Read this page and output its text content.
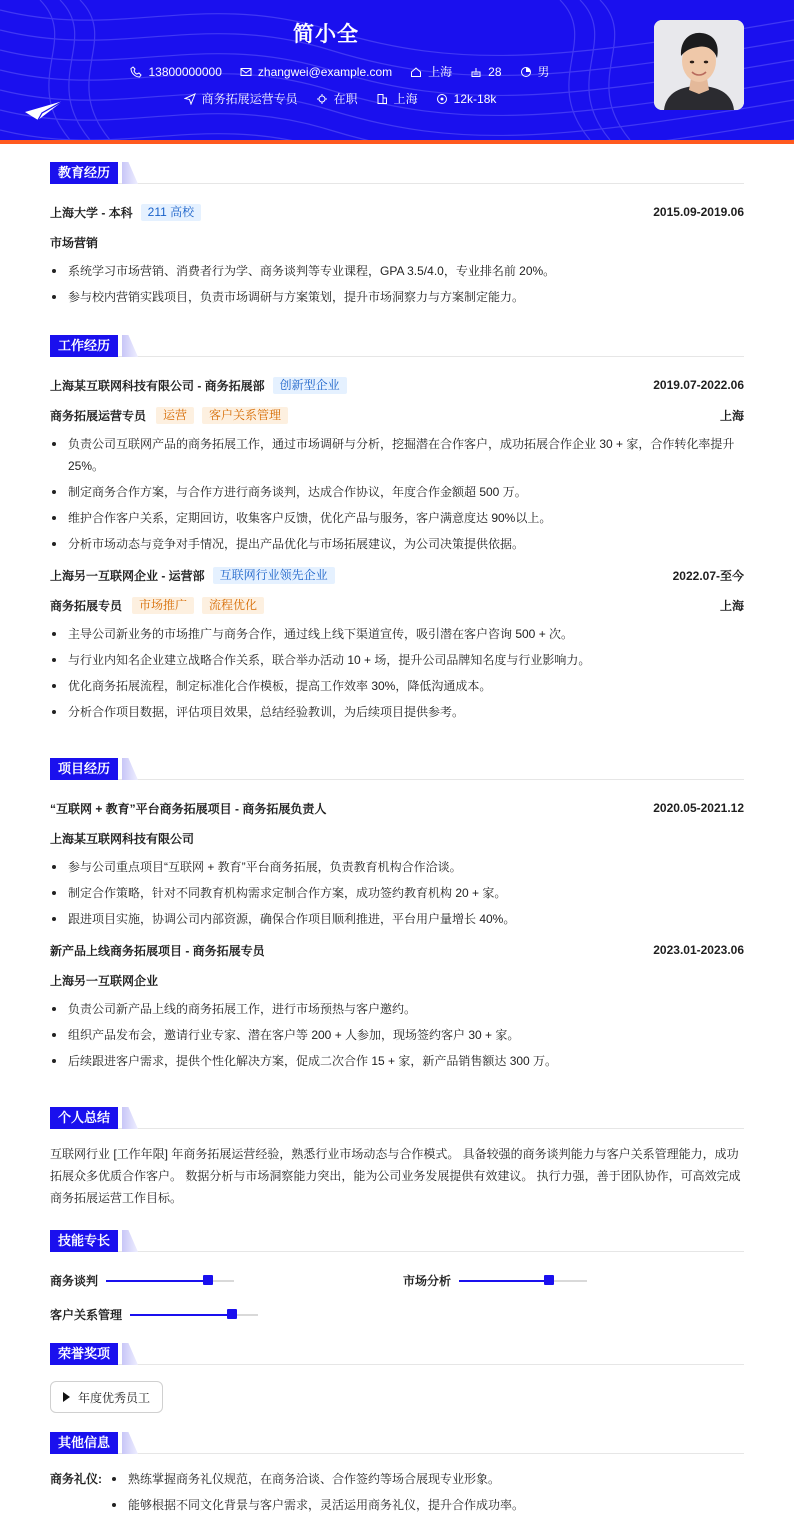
简小全
13800000000	zhangwei@example.com	上海	28	男
商务拓展运营专员	在职	上海	12k-18k
教育经历
上海大学 - 本科	211 高校	2015.09-2019.06
市场营销
系统学习市场营销、消费者行为学、商务谈判等专业课程，GPA 3.5/4.0，专业排名前 20%。
参与校内营销实践项目，负责市场调研与方案策划，提升市场洞察力与方案制定能力。
工作经历
上海某互联网科技有限公司 - 商务拓展部	创新型企业	2019.07-2022.06
商务拓展运营专员	运营	客户关系管理	上海
负责公司互联网产品的商务拓展工作，通过市场调研与分析，挖掘潜在合作客户，成功拓展合作企业 30 + 家，合作转化率提升 25%。
制定商务合作方案，与合作方进行商务谈判，达成合作协议，年度合作金额超 500 万。
维护合作客户关系，定期回访，收集客户反馈，优化产品与服务，客户满意度达 90%以上。
分析市场动态与竞争对手情况，提出产品优化与市场拓展建议，为公司决策提供依据。
上海另一互联网企业 - 运营部	互联网行业领先企业	2022.07-至今
商务拓展专员	市场推广	流程优化	上海
主导公司新业务的市场推广与商务合作，通过线上线下渠道宣传，吸引潜在客户咨询 500 + 次。
与行业内知名企业建立战略合作关系，联合举办活动 10 + 场，提升公司品牌知名度与行业影响力。
优化商务拓展流程，制定标准化合作模板，提高工作效率 30%，降低沟通成本。
分析合作项目数据，评估项目效果，总结经验教训，为后续项目提供参考。
项目经历
“互联网 + 教育”平台商务拓展项目 - 商务拓展负责人	2020.05-2021.12
上海某互联网科技有限公司
参与公司重点项目“互联网 + 教育”平台商务拓展，负责教育机构合作洽谈。
制定合作策略，针对不同教育机构需求定制合作方案，成功签约教育机构 20 + 家。
跟进项目实施，协调公司内部资源，确保合作项目顺利推进，平台用户量增长 40%。
新产品上线商务拓展项目 - 商务拓展专员	2023.01-2023.06
上海另一互联网企业
负责公司新产品上线的商务拓展工作，进行市场预热与客户邀约。
组织产品发布会，邀请行业专家、潜在客户等 200 + 人参加，现场签约客户 30 + 家。
后续跟进客户需求，提供个性化解决方案，促成二次合作 15 + 家，新产品销售额达 300 万。
个人总结

互联网行业 [工作年限] 年商务拓展运营经验，熟悉行业市场动态与合作模式。 具备较强的商务谈判能力与客户关系管理能力，成功拓展众多优质合作客户。 数据分析与市场洞察能力突出，能为公司业务发展提供有效建议。 执行力强，善于团队协作，可高效完成商务拓展运营工作目标。

技能专长
商务谈判	市场分析
客户关系管理
荣誉奖项
年度优秀员工
其他信息
商务礼仪:	熟练掌握商务礼仪规范，在商务洽谈、合作签约等场合展现专业形象。
能够根据不同文化背景与客户需求，灵活运用商务礼仪，提升合作成功率。
